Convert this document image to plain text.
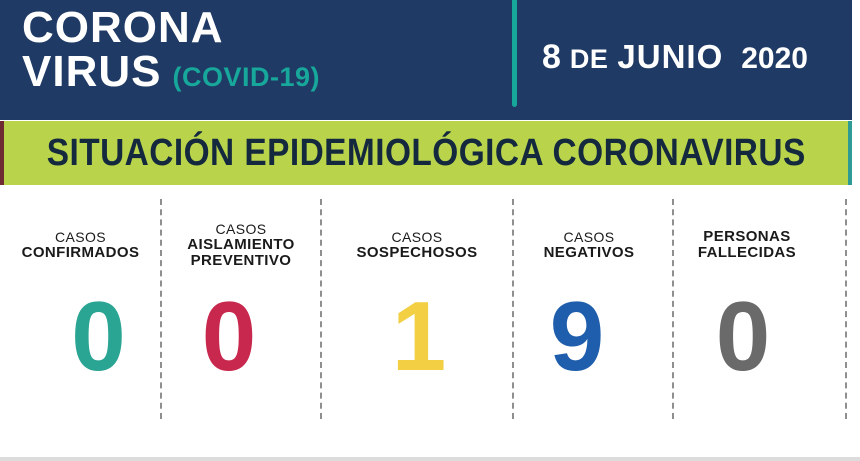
CORONA
VIRUS (COVID-19)
8 DE JUNIO 2020
SITUACIÓN EPIDEMIOLÓGICA CORONAVIRUS
CASOS
CONFIRMADOS
0
CASOS
AISLAMIENTO
PREVENTIVO
0
CASOS
SOSPECHOSOS
1
CASOS
NEGATIVOS
9
PERSONAS
FALLECIDAS
0
